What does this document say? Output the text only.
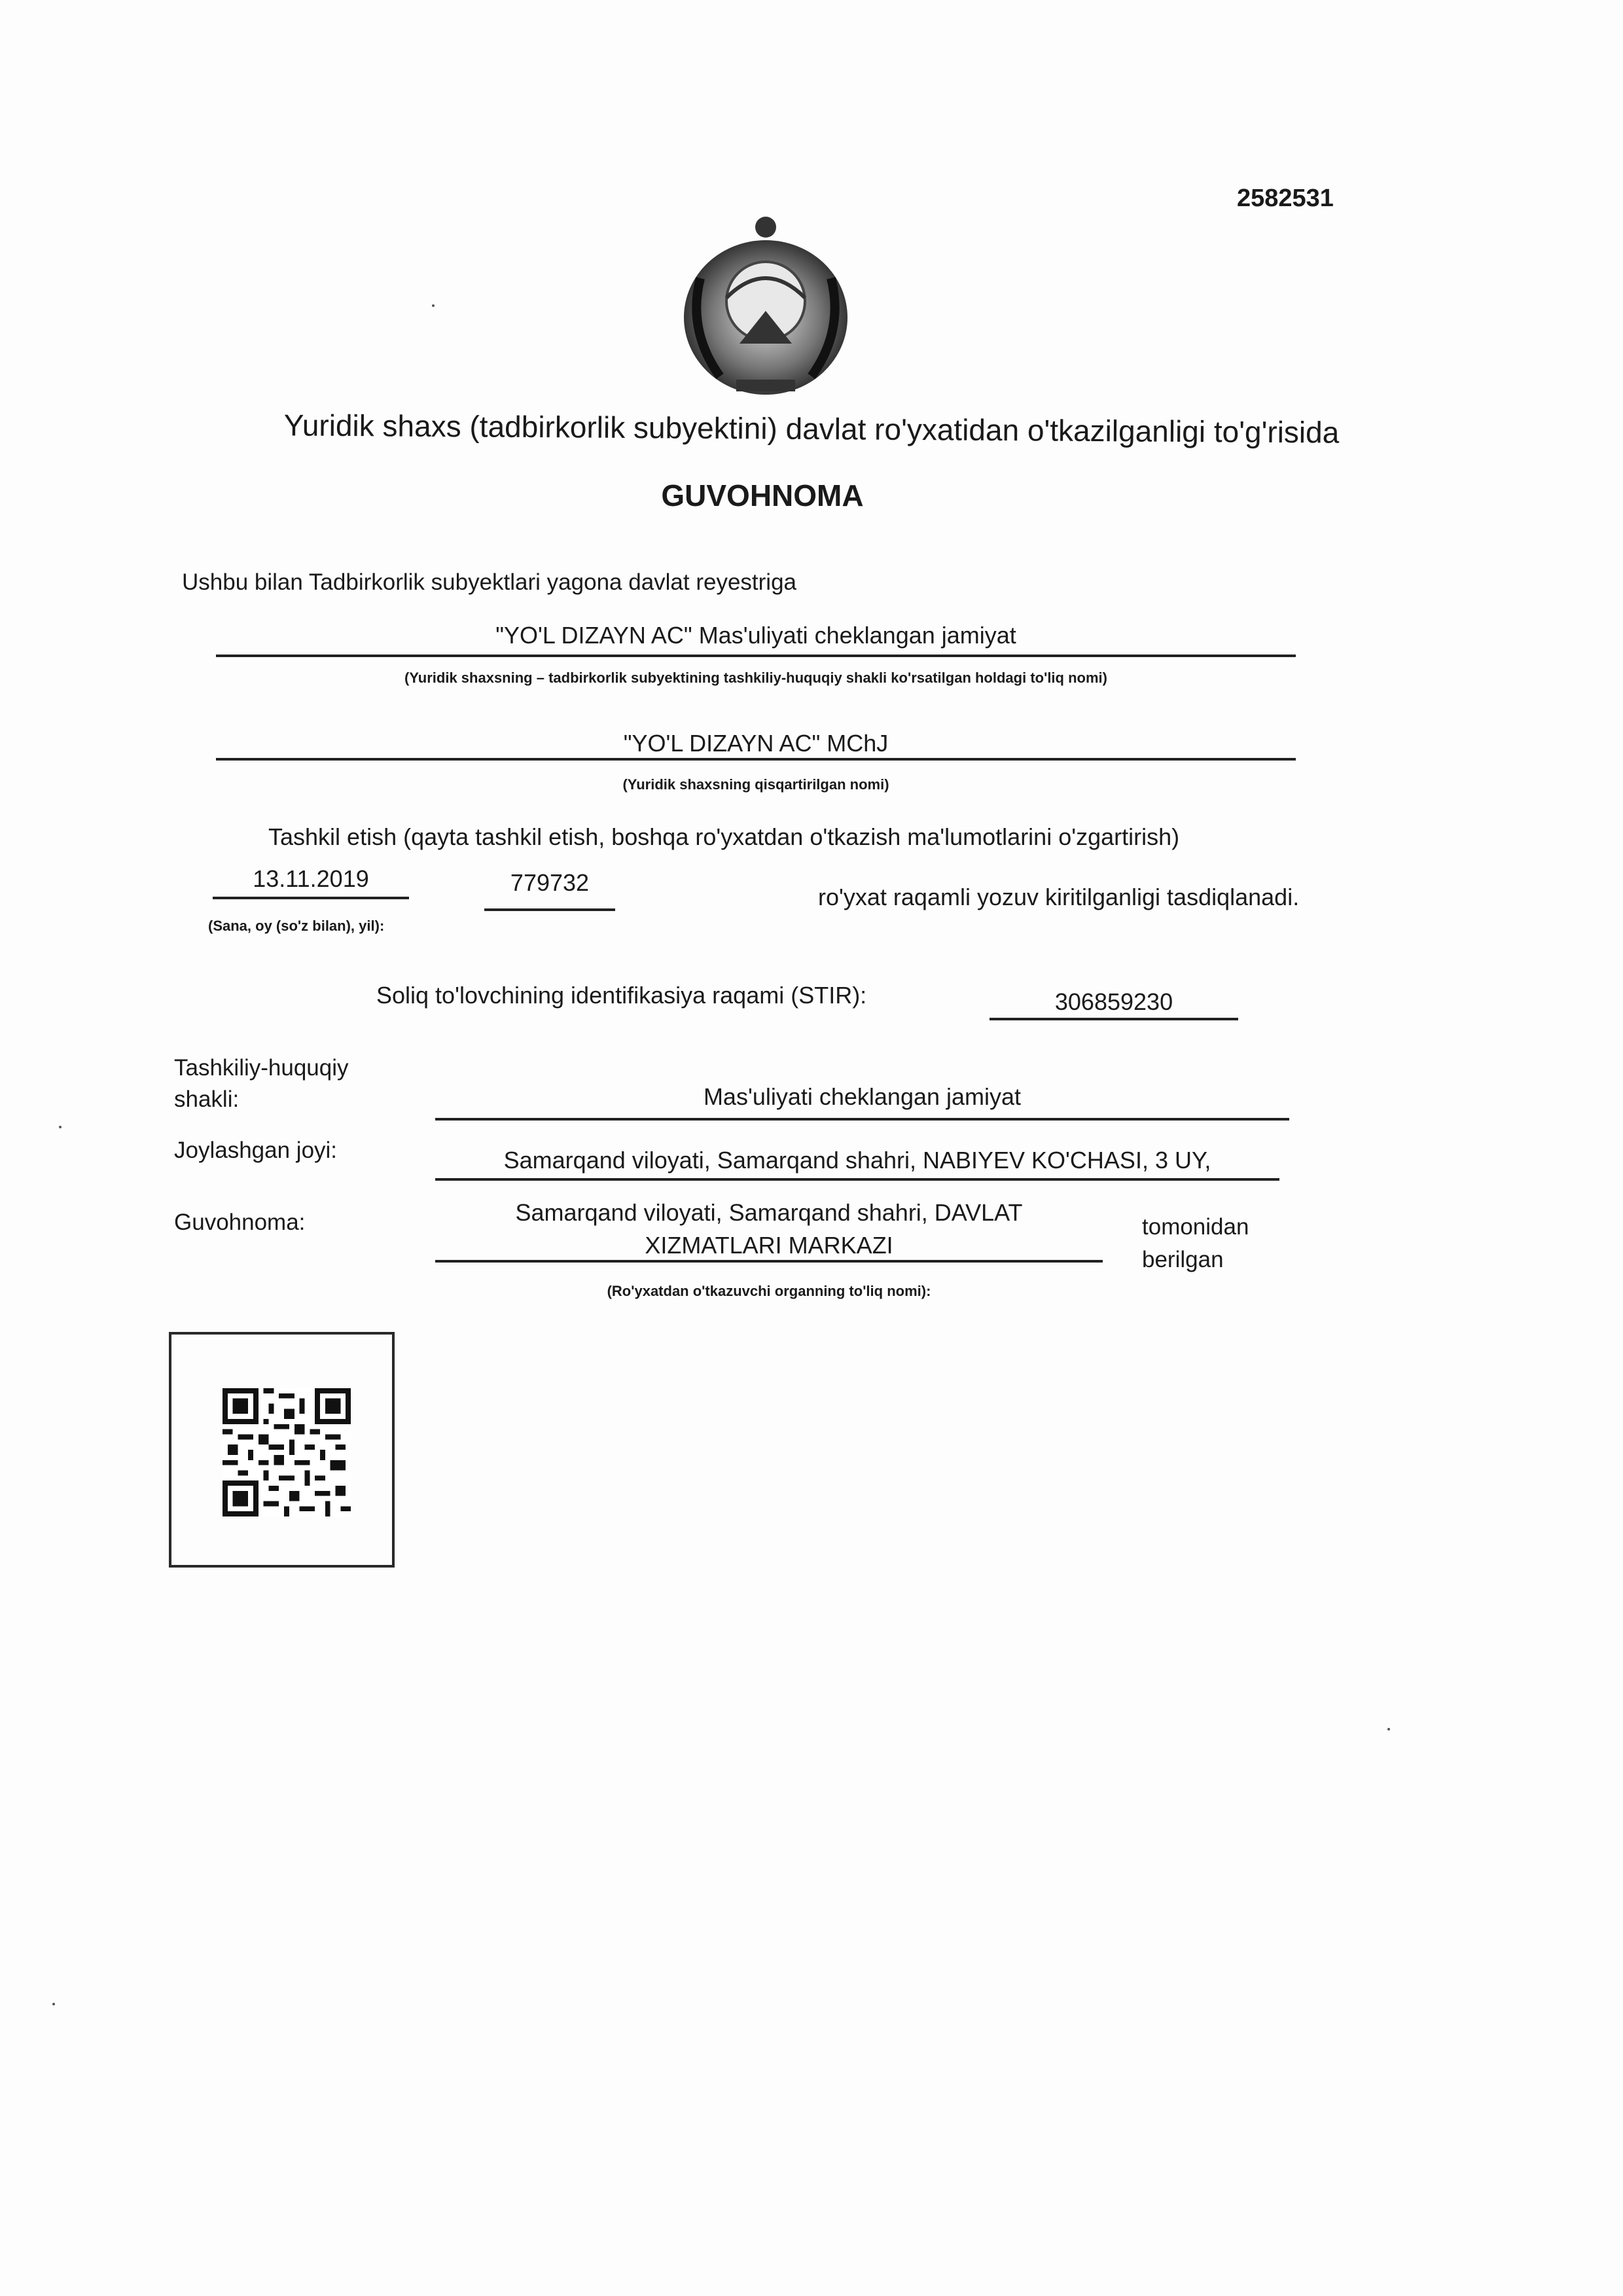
2582531
Yuridik shaxs (tadbirkorlik subyektini) davlat ro'yxatidan o'tkazilganligi to'g'risida
GUVOHNOMA
Ushbu bilan Tadbirkorlik subyektlari yagona davlat reyestriga
"YO'L DIZAYN AC" Mas'uliyati cheklangan jamiyat
(Yuridik shaxsning – tadbirkorlik subyektining tashkiliy-huquqiy shakli ko'rsatilgan holdagi to'liq nomi)
"YO'L DIZAYN AC" MChJ
(Yuridik shaxsning qisqartirilgan nomi)
Tashkil etish (qayta tashkil etish, boshqa ro'yxatdan o'tkazish ma'lumotlarini o'zgartirish)
13.11.2019	779732
ro'yxat raqamli yozuv kiritilganligi tasdiqlanadi.
(Sana, oy (so'z bilan), yil):
Soliq to'lovchining identifikasiya raqami (STIR):	306859230
Tashkiliy-huquqiy
shakli:	Mas'uliyati cheklangan jamiyat
Joylashgan joyi:	Samarqand viloyati, Samarqand shahri, NABIYEV KO'CHASI, 3 UY,
Guvohnoma:	Samarqand viloyati, Samarqand shahri, DAVLAT
XIZMATLARI MARKAZI
tomonidan
berilgan
(Ro'yxatdan o'tkazuvchi organning to'liq nomi):
